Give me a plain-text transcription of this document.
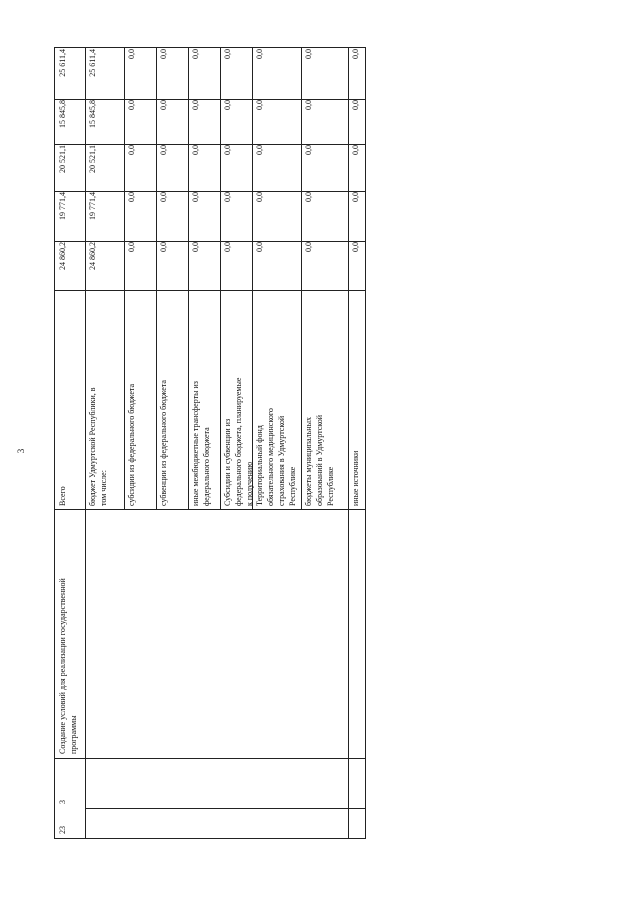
3
Всего
24 860,2
19 771,4
20 521,1
15 845,8
25 611,4
бюджет Удмуртской Республики, в
том числе:
24 860,2
19 771,4
20 521,1
15 845,8
25 611,4
субсидии из федерального бюджета
0,0
0,0
0,0
0,0
0,0
субвенции из федерального бюджета
0,0
0,0
0,0
0,0
0,0
иные межбюджетные трансферты из
федерального бюджета
0,0
0,0
0,0
0,0
0,0
Субсидии и субвенции из
федерального бюджета, планируемые
к получению
0,0
0,0
0,0
0,0
0,0
Территориальный фонд
обязательного медицинского
страхования в Удмуртской
Республике
0,0
0,0
0,0
0,0
0,0
бюджеты муниципальных
образований в Удмуртской
Республике
0,0
0,0
0,0
0,0
0,0
иные источники
0,0
0,0
0,0
0,0
0,0
Создание условий для реализации государственной
программы
3
23
